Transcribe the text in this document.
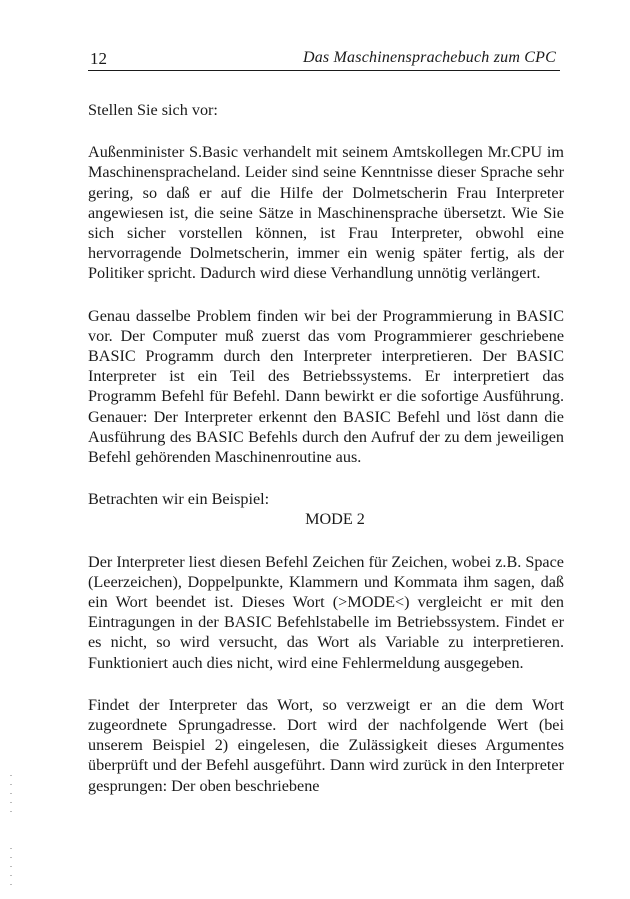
12	Das Maschinensprachebuch zum CPC

Stellen Sie sich vor:

Außenminister S.Basic verhandelt mit seinem Amtskollegen Mr.CPU im Maschinenspracheland. Leider sind seine Kenntnisse dieser Sprache sehr gering, so daß er auf die Hilfe der Dolmetscherin Frau Interpreter angewiesen ist, die seine Sätze in Maschinensprache übersetzt. Wie Sie sich sicher vorstellen können, ist Frau Interpreter, obwohl eine hervorragende Dolmetscherin, immer ein wenig später fertig, als der Politiker spricht. Dadurch wird diese Verhandlung unnötig verlängert.

Genau dasselbe Problem finden wir bei der Programmierung in BASIC vor. Der Computer muß zuerst das vom Programmierer geschriebene BASIC Programm durch den Interpreter interpretieren. Der BASIC Interpreter ist ein Teil des Betriebssystems. Er interpretiert das Programm Befehl für Befehl. Dann bewirkt er die sofortige Ausführung. Genauer: Der Interpreter erkennt den BASIC Befehl und löst dann die Ausführung des BASIC Befehls durch den Aufruf der zu dem jeweiligen Befehl gehörenden Maschinenroutine aus.

Betrachten wir ein Beispiel:

MODE 2

Der Interpreter liest diesen Befehl Zeichen für Zeichen, wobei z.B. Space (Leerzeichen), Doppelpunkte, Klammern und Kommata ihm sagen, daß ein Wort beendet ist. Dieses Wort (>MODE<) vergleicht er mit den Eintragungen in der BASIC Befehlstabelle im Betriebssystem. Findet er es nicht, so wird versucht, das Wort als Variable zu interpretieren. Funktioniert auch dies nicht, wird eine Fehlermeldung ausgegeben.

Findet der Interpreter das Wort, so verzweigt er an die dem Wort zugeordnete Sprungadresse. Dort wird der nachfolgende Wert (bei unserem Beispiel 2) eingelesen, die Zulässigkeit dieses Argumentes überprüft und der Befehl ausgeführt. Dann wird zurück in den Interpreter gesprungen: Der oben beschriebene
